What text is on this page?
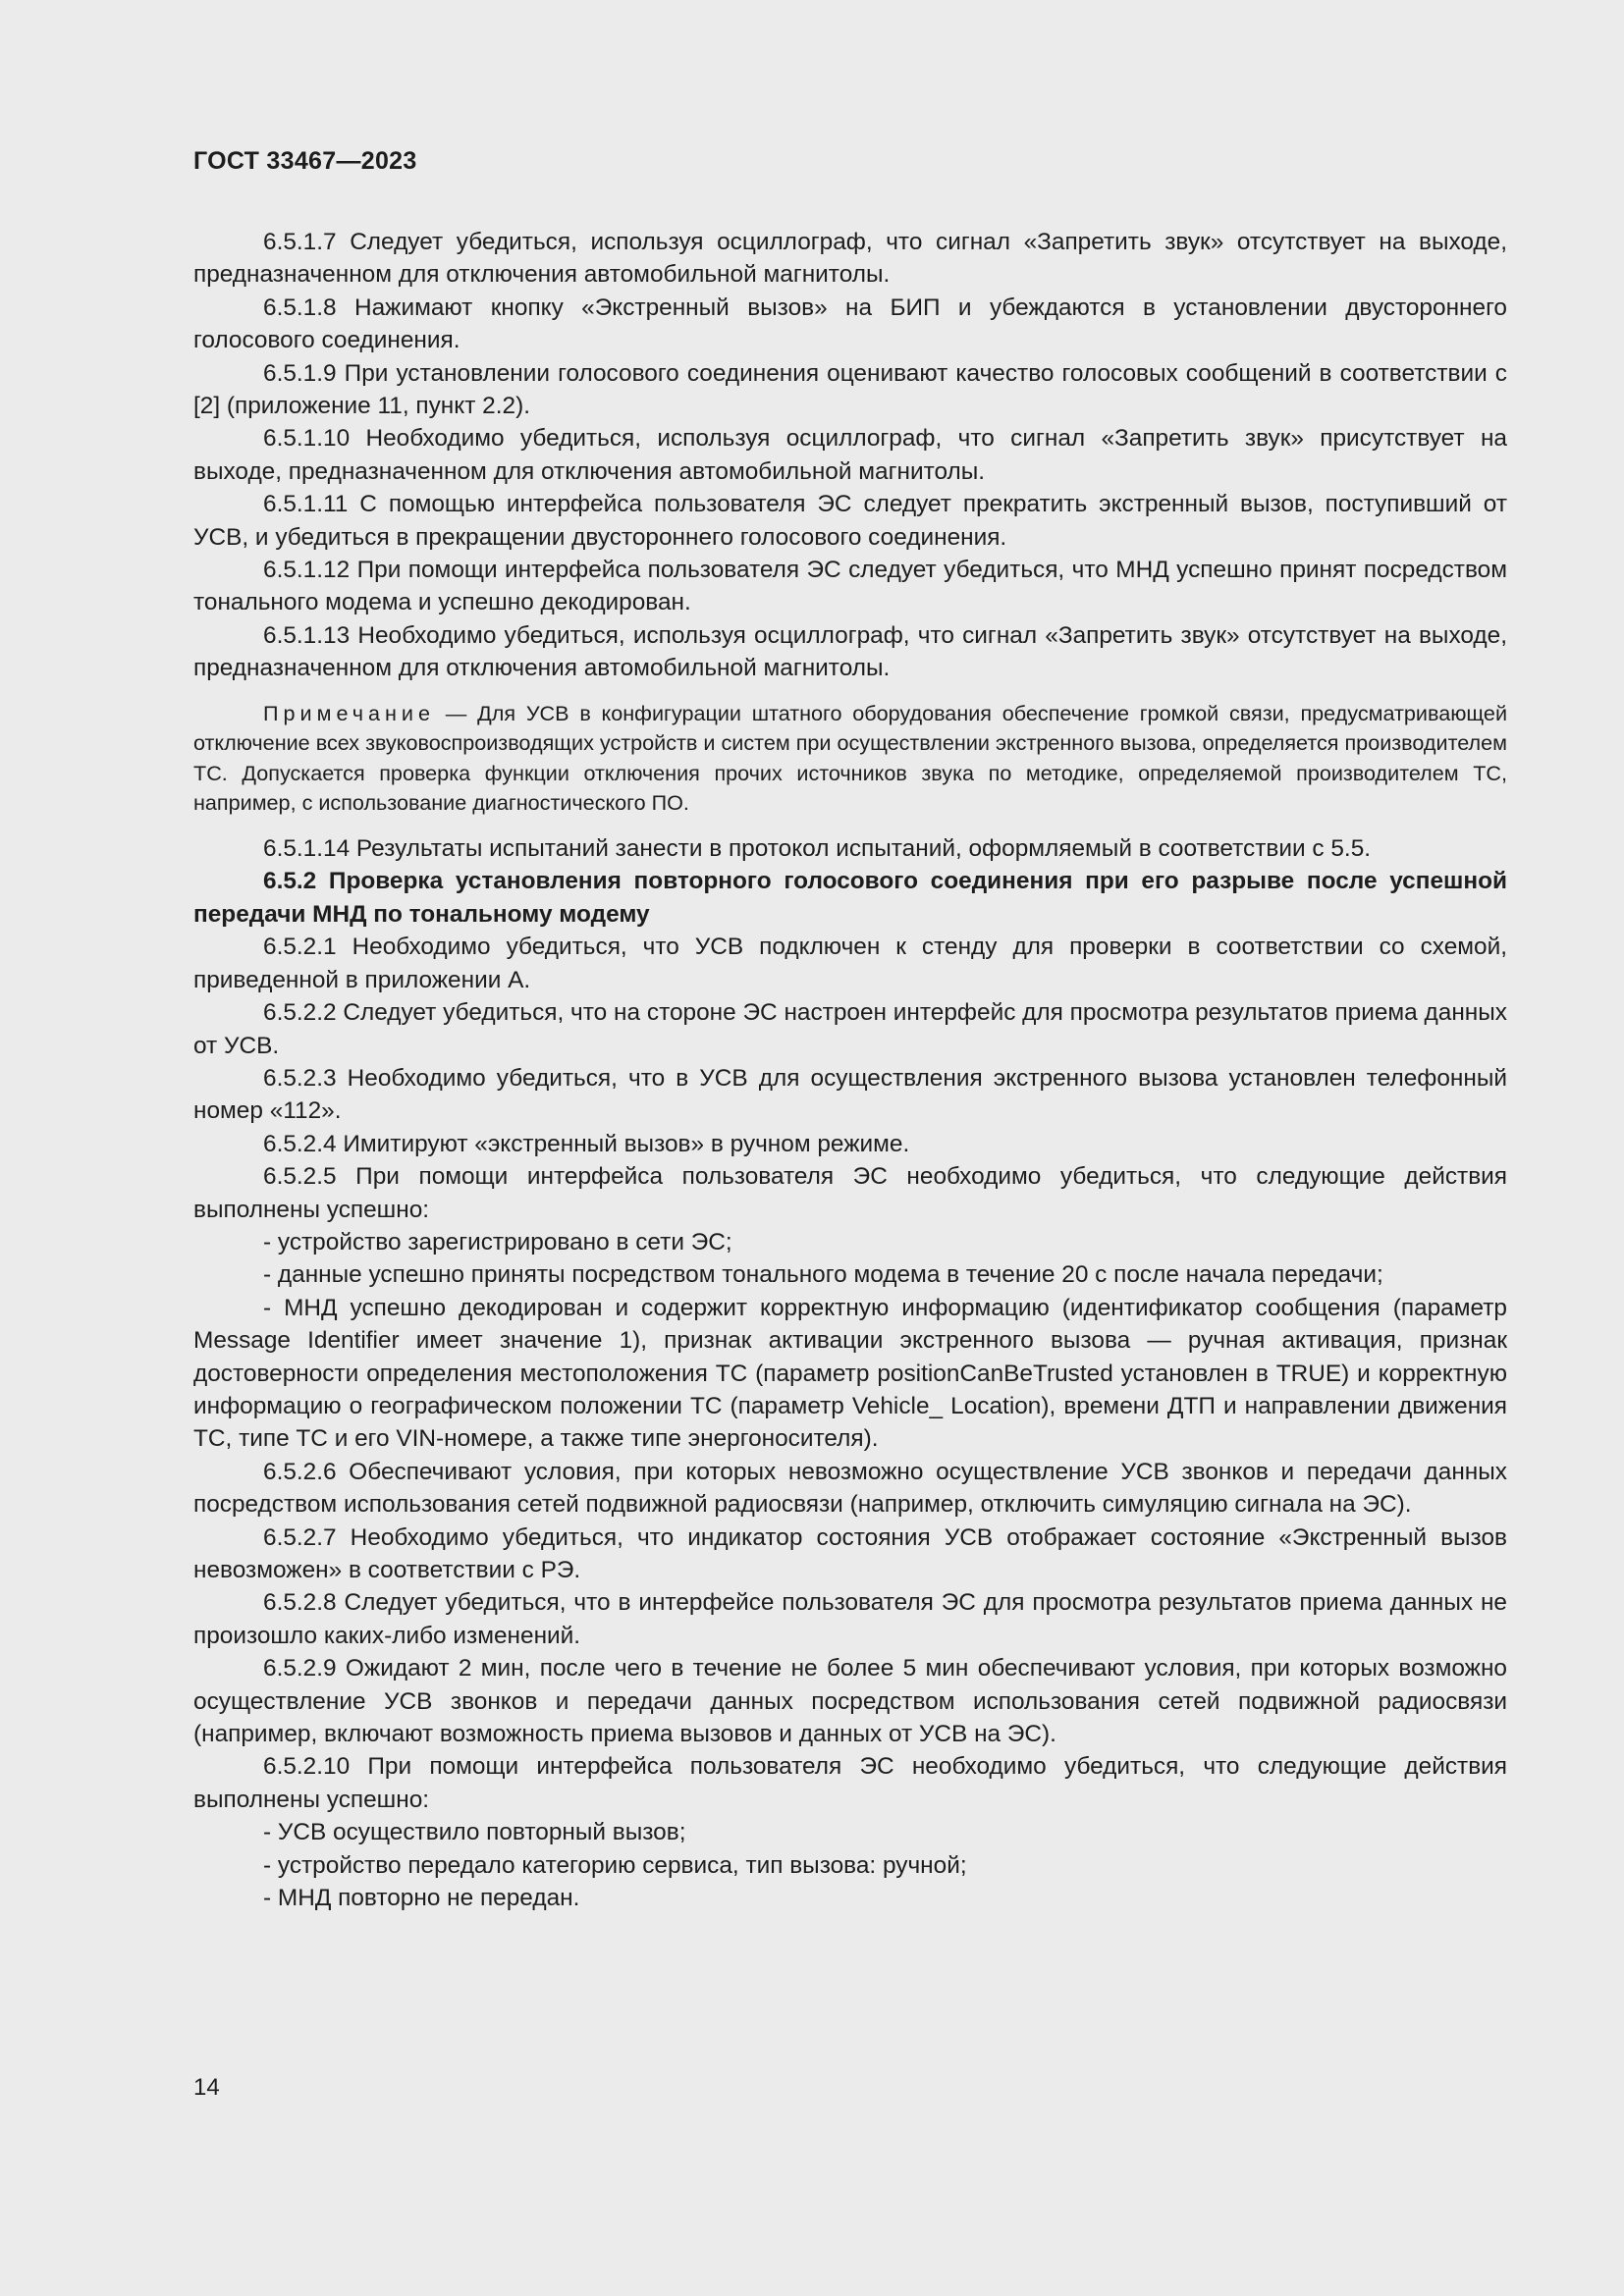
ГОСТ 33467—2023

6.5.1.7 Следует убедиться, используя осциллограф, что сигнал «Запретить звук» отсутствует на выходе, предназначенном для отключения автомобильной магнитолы.

6.5.1.8 Нажимают кнопку «Экстренный вызов» на БИП и убеждаются в установлении двустороннего голосового соединения.

6.5.1.9 При установлении голосового соединения оценивают качество голосовых сообщений в соответствии с [2] (приложение 11, пункт 2.2).

6.5.1.10 Необходимо убедиться, используя осциллограф, что сигнал «Запретить звук» присутствует на выходе, предназначенном для отключения автомобильной магнитолы.

6.5.1.11 С помощью интерфейса пользователя ЭС следует прекратить экстренный вызов, поступивший от УСВ, и убедиться в прекращении двустороннего голосового соединения.

6.5.1.12 При помощи интерфейса пользователя ЭС следует убедиться, что МНД успешно принят посредством тонального модема и успешно декодирован.

6.5.1.13 Необходимо убедиться, используя осциллограф, что сигнал «Запретить звук» отсутствует на выходе, предназначенном для отключения автомобильной магнитолы.

Примечание — Для УСВ в конфигурации штатного оборудования обеспечение громкой связи, предусматривающей отключение всех звуковоспроизводящих устройств и систем при осуществлении экстренного вызова, определяется производителем ТС. Допускается проверка функции отключения прочих источников звука по методике, определяемой производителем ТС, например, с использование диагностического ПО.

6.5.1.14 Результаты испытаний занести в протокол испытаний, оформляемый в соответствии с 5.5.

6.5.2 Проверка установления повторного голосового соединения при его разрыве после успешной передачи МНД по тональному модему

6.5.2.1 Необходимо убедиться, что УСВ подключен к стенду для проверки в соответствии со схемой, приведенной в приложении А.

6.5.2.2 Следует убедиться, что на стороне ЭС настроен интерфейс для просмотра результатов приема данных от УСВ.

6.5.2.3 Необходимо убедиться, что в УСВ для осуществления экстренного вызова установлен телефонный номер «112».

6.5.2.4 Имитируют «экстренный вызов» в ручном режиме.

6.5.2.5 При помощи интерфейса пользователя ЭС необходимо убедиться, что следующие действия выполнены успешно:

- устройство зарегистрировано в сети ЭС;

- данные успешно приняты посредством тонального модема в течение 20 с после начала передачи;

- МНД успешно декодирован и содержит корректную информацию (идентификатор сообщения (параметр Message Identifier имеет значение 1), признак активации экстренного вызова — ручная активация, признак достоверности определения местоположения ТС (параметр positionCanBeTrusted установлен в TRUE) и корректную информацию о географическом положении ТС (параметр Vehicle_ Location), времени ДТП и направлении движения ТС, типе ТС и его VIN-номере, а также типе энергоносителя).

6.5.2.6 Обеспечивают условия, при которых невозможно осуществление УСВ звонков и передачи данных посредством использования сетей подвижной радиосвязи (например, отключить симуляцию сигнала на ЭС).

6.5.2.7 Необходимо убедиться, что индикатор состояния УСВ отображает состояние «Экстренный вызов невозможен» в соответствии с РЭ.

6.5.2.8 Следует убедиться, что в интерфейсе пользователя ЭС для просмотра результатов приема данных не произошло каких-либо изменений.

6.5.2.9 Ожидают 2 мин, после чего в течение не более 5 мин обеспечивают условия, при которых возможно осуществление УСВ звонков и передачи данных посредством использования сетей подвижной радиосвязи (например, включают возможность приема вызовов и данных от УСВ на ЭС).

6.5.2.10 При помощи интерфейса пользователя ЭС необходимо убедиться, что следующие действия выполнены успешно:

- УСВ осуществило повторный вызов;

- устройство передало категорию сервиса, тип вызова: ручной;

- МНД повторно не передан.

14
